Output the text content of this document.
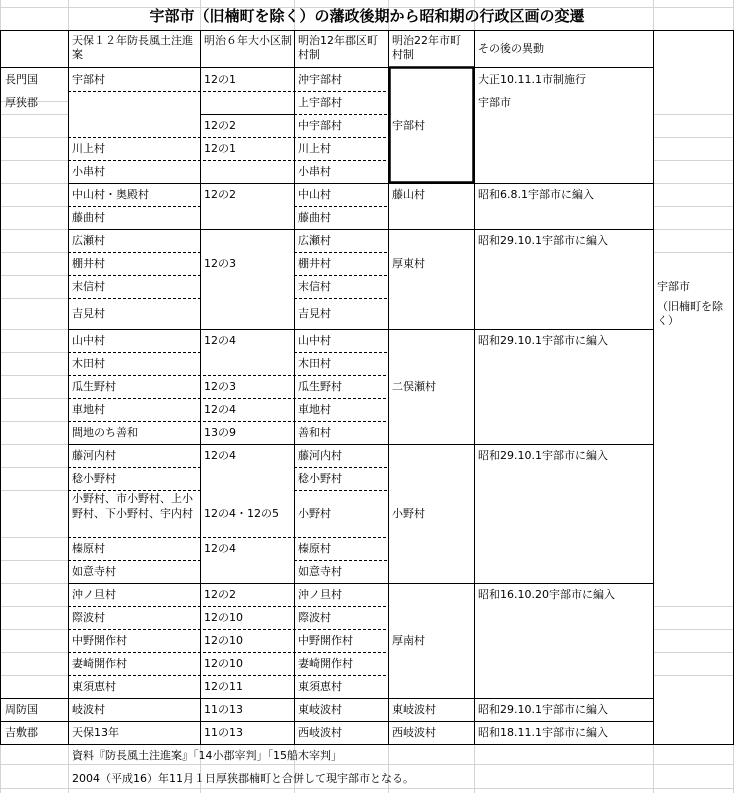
宇部市（旧楠町を除く）の藩政後期から昭和期の行政区画の変遷
天保１２年防長風土注進案
明治６年大小区制 明治12年郡区町村制
明治22年市町村制	その後の異動
長門国
厚狭郡
周防国
吉敷郡
宇部村
川上村
小串村
中山村・奥殿村
藤曲村
広瀬村
棚井村
末信村
吉見村
山中村
木田村
瓜生野村
車地村
間地のち善和
藤河内村
稔小野村
小野村、市小野村、上小野村、下小野村、宇内村
榛原村
如意寺村
沖ノ旦村
際波村
中野開作村
妻崎開作村
東須恵村
岐波村
天保13年
12の1
12の2
12の1
12の2
12の3
12の4
12の3
12の4
13の9
12の4
12の4・12の5
12の4
12の2
12の10
12の10
12の10
12の11
11の13
11の13
沖宇部村
上宇部村
中宇部村
川上村
小串村
中山村
藤曲村
広瀬村
棚井村
末信村
吉見村
山中村
木田村
瓜生野村
車地村
善和村
藤河内村
稔小野村
小野村
榛原村
如意寺村
沖ノ旦村
際波村
中野開作村
妻崎開作村
東須恵村
東岐波村
西岐波村
宇部村
藤山村
厚東村
二俣瀬村
小野村
厚南村
東岐波村
西岐波村
大正10.11.1市制施行
宇部市
昭和6.8.1宇部市に編入
昭和29.10.1宇部市に編入
昭和29.10.1宇部市に編入
昭和29.10.1宇部市に編入
昭和16.10.20宇部市に編入
昭和29.10.1宇部市に編入
昭和18.11.1宇部市に編入
宇部市
（旧楠町を除く）
資料『防長風土注進案』「14小郡宰判」「15船木宰判」
2004（平成16）年11月１日厚狭郡楠町と合併して現宇部市となる。
